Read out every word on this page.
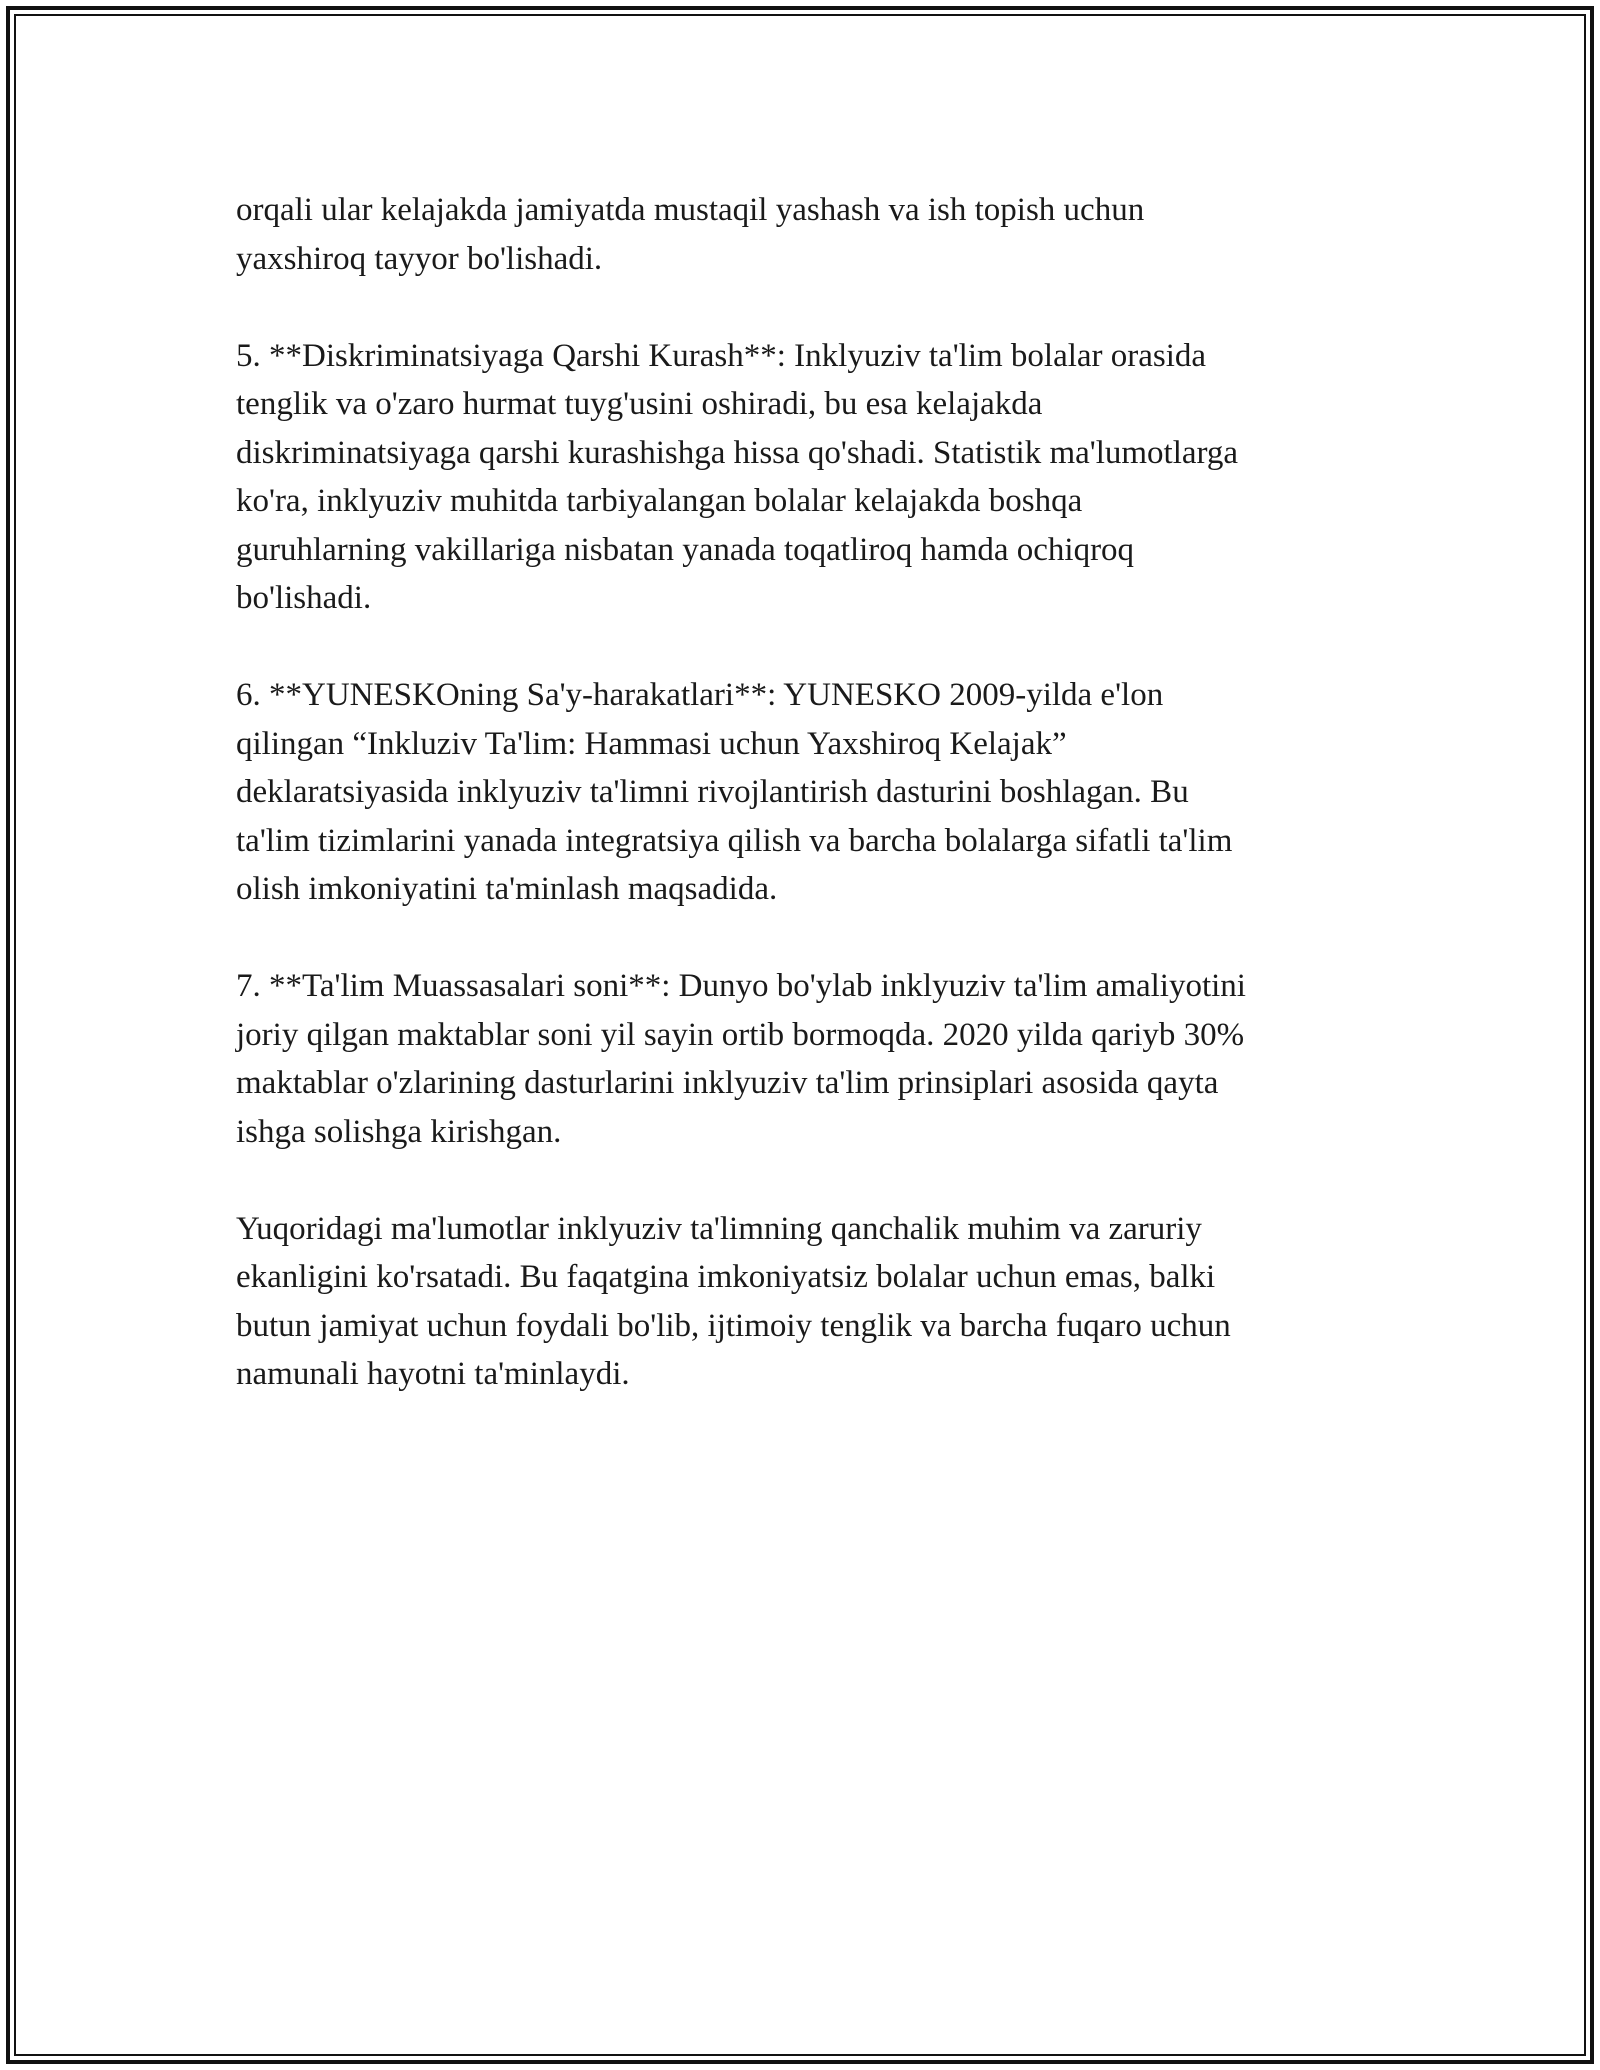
orqali ular kelajakda jamiyatda mustaqil yashash va ish topish uchun
yaxshiroq tayyor bo'lishadi.

5. **Diskriminatsiyaga Qarshi Kurash**: Inklyuziv ta'lim bolalar orasida
tenglik va o'zaro hurmat tuyg'usini oshiradi, bu esa kelajakda
diskriminatsiyaga qarshi kurashishga hissa qo'shadi. Statistik ma'lumotlarga
ko'ra, inklyuziv muhitda tarbiyalangan bolalar kelajakda boshqa
guruhlarning vakillariga nisbatan yanada toqatliroq hamda ochiqroq
bo'lishadi.

6. **YUNESKOning Sa'y-harakatlari**: YUNESKO 2009-yilda e'lon
qilingan “Inkluziv Ta'lim: Hammasi uchun Yaxshiroq Kelajak”
deklaratsiyasida inklyuziv ta'limni rivojlantirish dasturini boshlagan. Bu
ta'lim tizimlarini yanada integratsiya qilish va barcha bolalarga sifatli ta'lim
olish imkoniyatini ta'minlash maqsadida.

7. **Ta'lim Muassasalari soni**: Dunyo bo'ylab inklyuziv ta'lim amaliyotini
joriy qilgan maktablar soni yil sayin ortib bormoqda. 2020 yilda qariyb 30%
maktablar o'zlarining dasturlarini inklyuziv ta'lim prinsiplari asosida qayta
ishga solishga kirishgan.

Yuqoridagi ma'lumotlar inklyuziv ta'limning qanchalik muhim va zaruriy
ekanligini ko'rsatadi. Bu faqatgina imkoniyatsiz bolalar uchun emas, balki
butun jamiyat uchun foydali bo'lib, ijtimoiy tenglik va barcha fuqaro uchun
namunali hayotni ta'minlaydi.
